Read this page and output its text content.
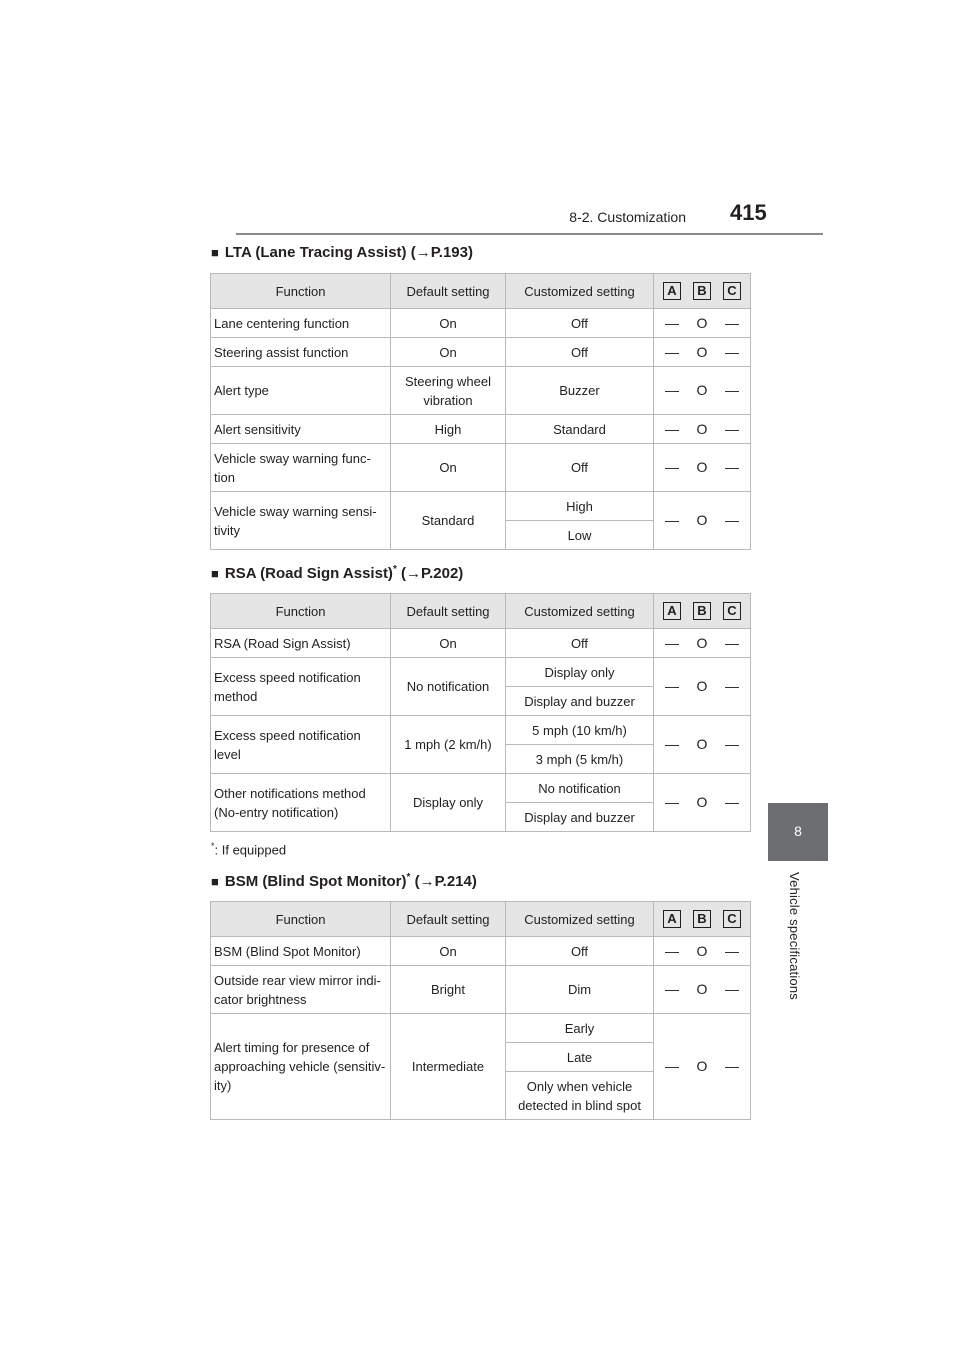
8-2. Customization 415
8
Vehicle specifications
■ LTA (Lane Tracing Assist) (→P.193)
Function	Default setting	Customized setting	A B C

Lane centering function	On	Off	— O —

Steering assist function	On	Off	— O —

Alert type	Steering wheel vibration	Buzzer	— O —

Alert sensitivity	High	Standard	— O —

Vehicle sway warning func-tion	On	Off	— O —

Vehicle sway warning sensi-tivity	Standard	High	— O —

		Low	
■ RSA (Road Sign Assist)* (→P.202)
Function	Default setting	Customized setting	A B C

RSA (Road Sign Assist)	On	Off	— O —

Excess speed notification method	No notification	Display only	— O —

		Display and buzzer	
Excess speed notification level	1 mph (2 km/h)	5 mph (10 km/h)	— O —

		3 mph (5 km/h)	
Other notifications method (No-entry notification)	Display only	No notification	— O —

		Display and buzzer	
*: If equipped
■ BSM (Blind Spot Monitor)* (→P.214)
Function	Default setting	Customized setting	A B C

BSM (Blind Spot Monitor)	On	Off	— O —

Outside rear view mirror indi-cator brightness	Bright	Dim	— O —

Alert timing for presence of approaching vehicle (sensitiv-ity)	Intermediate	Early	— O —

		Late	
		Only when vehicle detected in blind spot	
